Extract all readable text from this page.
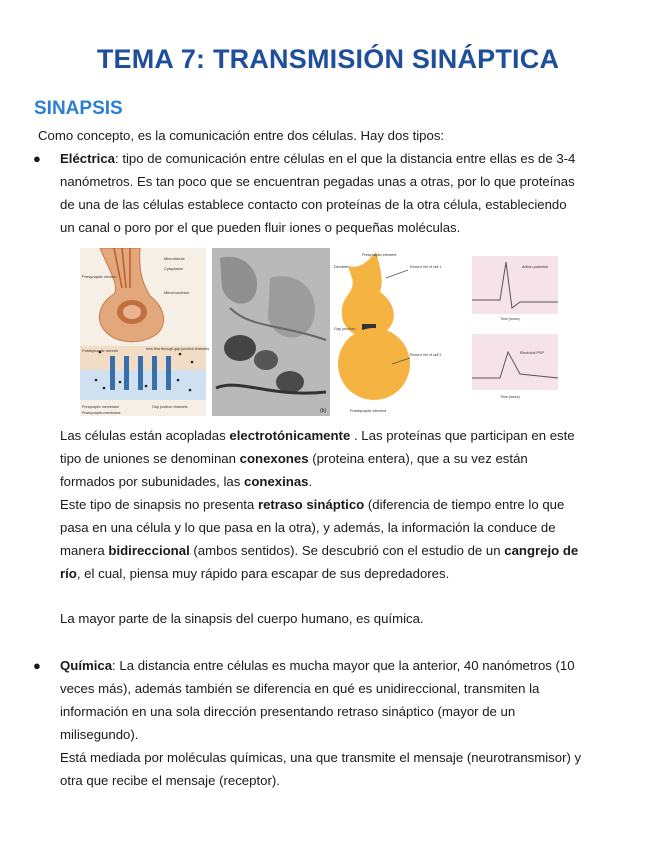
TEMA 7: TRANSMISIÓN SINÁPTICA
SINAPSIS
Como concepto, es la comunicación entre dos células. Hay dos tipos:
●	Eléctrica: tipo de comunicación entre células en el que la distancia entre ellas es de 3-4
nanómetros. Es tan poco que se encuentran pegadas unas a otras, por lo que proteínas
de una de las células establece contacto con proteínas de la otra célula, estableciendo
un canal o poro por el que pueden fluir iones o pequeñas moléculas.
Microtubule
Cytoplasm
Mitochondrion
Presynaptic neuron
Postsynaptic neuron	Ions flow through gap junction channels
Gap junction channels
Presynaptic membrane
Postsynaptic membrane	(b)
Presynaptic element
Dendrite
Gap junction
Record Vm of cell 1
Record Vm of cell 2
Postsynaptic element
Action potential
Time (msec)
Electrical PSP
Time (msec)
Las células están acopladas electrotónicamente . Las proteínas que participan en este
tipo de uniones se denominan conexones (proteina entera), que a su vez están
formados por subunidades, las conexinas.
Este tipo de sinapsis no presenta retraso sináptico (diferencia de tiempo entre lo que
pasa en una célula y lo que pasa en la otra), y además, la información la conduce de
manera bidireccional (ambos sentidos). Se descubrió con el estudio de un cangrejo de
río, el cual, piensa muy rápido para escapar de sus depredadores.
La mayor parte de la sinapsis del cuerpo humano, es química.
●	Química: La distancia entre células es mucha mayor que la anterior, 40 nanómetros (10
veces más), además también se diferencia en qué es unidireccional, transmiten la
información en una sola dirección presentando retraso sináptico (mayor de un
milisegundo).
Está mediada por moléculas químicas, una que transmite el mensaje (neurotransmisor) y
otra que recibe el mensaje (receptor).
